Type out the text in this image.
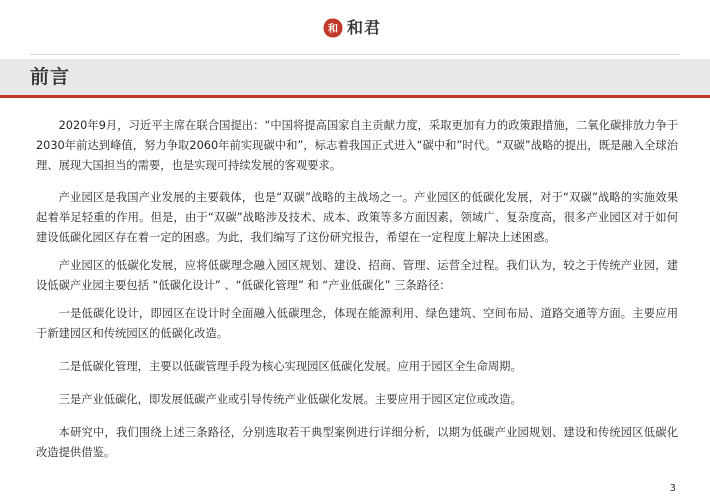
和 和君
前言

2020年9月，习近平主席在联合国提出：“中国将提高国家自主贡献力度，采取更加有力的政策跟措施，二氧化碳排放力争于2030年前达到峰值，努力争取2060年前实现碳中和”，标志着我国正式进入“碳中和”时代。“双碳”战略的提出，既是融入全球治理、展现大国担当的需要，也是实现可持续发展的客观要求。

产业园区是我国产业发展的主要载体，也是“双碳”战略的主战场之一。产业园区的低碳化发展，对于“双碳”战略的实施效果起着举足轻重的作用。但是，由于“双碳”战略涉及技术、成本、政策等多方面因素，领域广、复杂度高，很多产业园区对于如何建设低碳化园区存在着一定的困惑。为此，我们编写了这份研究报告，希望在一定程度上解决上述困惑。

产业园区的低碳化发展，应将低碳理念融入园区规划、建设、招商、管理、运营全过程。我们认为，较之于传统产业园，建设低碳产业园主要包括 “低碳化设计” 、“低碳化管理” 和 “产业低碳化” 三条路径：

一是低碳化设计，即园区在设计时全面融入低碳理念，体现在能源利用、绿色建筑、空间布局、道路交通等方面。主要应用于新建园区和传统园区的低碳化改造。

二是低碳化管理，主要以低碳管理手段为核心实现园区低碳化发展。应用于园区全生命周期。

三是产业低碳化，即发展低碳产业或引导传统产业低碳化发展。主要应用于园区定位或改造。

本研究中，我们围绕上述三条路径，分别选取若干典型案例进行详细分析，以期为低碳产业园规划、建设和传统园区低碳化改造提供借鉴。

3
